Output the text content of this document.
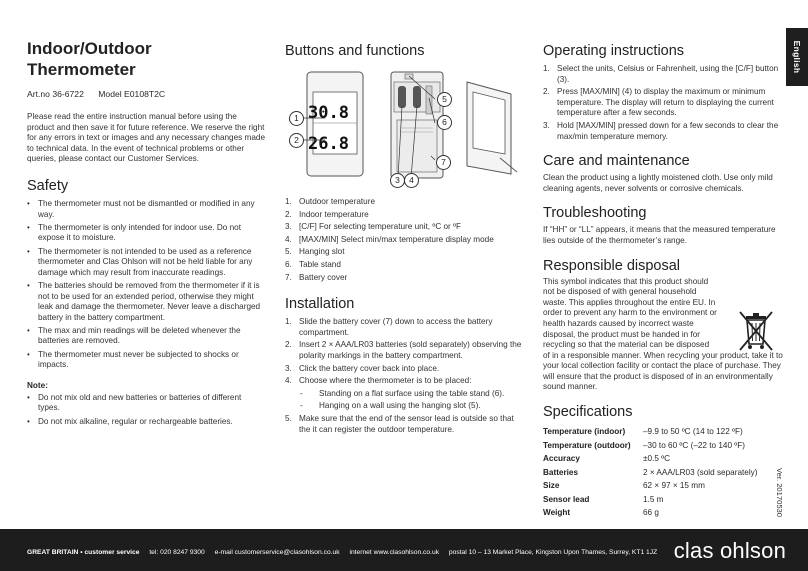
English
Ver. 20170530
Indoor/Outdoor
Thermometer
Art.no 36-6722 Model E0108T2C

Please read the entire instruction manual before using the product and then save it for future reference. We reserve the right for any errors in text or images and any necessary changes made to technical data. In the event of technical problems or other queries, please contact our Customer Services.

Safety
• The thermometer must not be dismantled or modified in any way.
• The thermometer is only intended for indoor use. Do not expose it to moisture.
• The thermometer is not intended to be used as a reference thermometer and Clas Ohlson will not be held liable for any damage which may result from inaccurate readings.
• The batteries should be removed from the thermometer if it is not to be used for an extended period, otherwise they might leak and damage the thermometer. Never leave a discharged battery in the battery compartment.
• The max and min readings will be deleted whenever the batteries are removed.
• The thermometer must never be subjected to shocks or impacts.
Note:
• Do not mix old and new batteries or batteries of different types.
• Do not mix alkaline, regular or rechargeable batteries.
Buttons and functions
30.8
26.8
1
2
3	4
5
6
7
1. Outdoor temperature
2. Indoor temperature
3. [C/F] For selecting temperature unit, ºC or ºF
4. [MAX/MIN] Select min/max temperature display mode
5. Hanging slot
6. Table stand
7. Battery cover
Installation
1. Slide the battery cover (7) down to access the battery compartment.
2. Insert 2 × AAA/LR03 batteries (sold separately) observing the polarity markings in the battery compartment.
3. Click the battery cover back into place.
4. Choose where the thermometer is to be placed:
- Standing on a flat surface using the table stand (6).
- Hanging on a wall using the hanging slot (5).
5. Make sure that the end of the sensor lead is outside so that the it can register the outdoor temperature.
Operating instructions
1. Select the units, Celsius or Fahrenheit, using the [C/F] button (3).
2. Press [MAX/MIN] (4) to display the maximum or minimum temperature. The display will return to displaying the current temperature after a few seconds.
3. Hold [MAX/MIN] pressed down for a few seconds to clear the max/min temperature memory.
Care and maintenance

Clean the product using a lightly moistened cloth. Use only mild cleaning agents, never solvents or corrosive chemicals.

Troubleshooting

If “HH” or “LL” appears, it means that the measured temperature lies outside of the thermometer’s range.

Responsible disposal

This symbol indicates that this product should not be disposed of with general household waste. This applies throughout the entire EU. In order to prevent any harm to the environment or health hazards caused by incorrect waste disposal, the product must be handed in for recycling so that the material can be disposed

of in a responsible manner. When recycling your product, take it to your local collection facility or contact the place of purchase. They will ensure that the product is disposed of in an environmentally sound manner.

Specifications
Temperature (indoor)	–9.9 to 50 ºC (14 to 122 ºF)
Temperature (outdoor)	–30 to 60 ºC (–22 to 140 ºF)
Accuracy	±0.5 ºC
Batteries	2 × AAA/LR03 (sold separately)
Size	62 × 97 × 15 mm
Sensor lead	1.5 m
Weight	66 g
GREAT BRITAIN • customer service tel: 020 8247 9300 e-mail customerservice@clasohlson.co.uk internet www.clasohlson.co.uk postal 10 – 13 Market Place, Kingston Upon Thames, Surrey, KT1 1JZ clas ohlson
